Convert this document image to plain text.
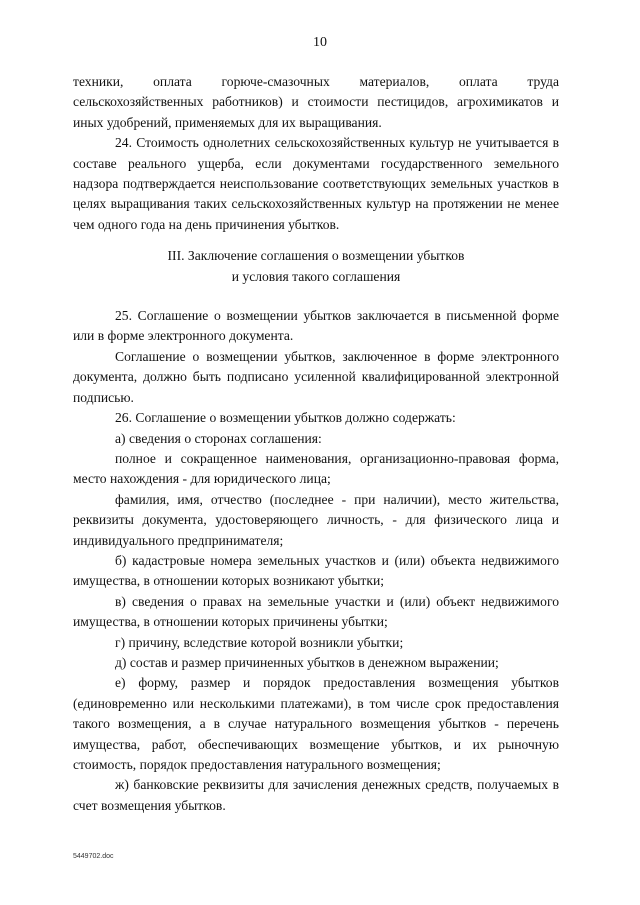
10

техники, оплата горюче-смазочных материалов, оплата труда сельскохозяйственных работников) и стоимости пестицидов, агрохимикатов и иных удобрений, применяемых для их выращивания.

24. Стоимость однолетних сельскохозяйственных культур не учитывается в составе реального ущерба, если документами государственного земельного надзора подтверждается неиспользование соответствующих земельных участков в целях выращивания таких сельскохозяйственных культур на протяжении не менее чем одного года на день причинения убытков.

III. Заключение соглашения о возмещении убытков
и условия такого соглашения

25. Соглашение о возмещении убытков заключается в письменной форме или в форме электронного документа.

Соглашение о возмещении убытков, заключенное в форме электронного документа, должно быть подписано усиленной квалифицированной электронной подписью.

26. Соглашение о возмещении убытков должно содержать:

а) сведения о сторонах соглашения:

полное и сокращенное наименования, организационно-правовая форма, место нахождения - для юридического лица;

фамилия, имя, отчество (последнее - при наличии), место жительства, реквизиты документа, удостоверяющего личность, - для физического лица и индивидуального предпринимателя;

б) кадастровые номера земельных участков и (или) объекта недвижимого имущества, в отношении которых возникают убытки;

в) сведения о правах на земельные участки и (или) объект недвижимого имущества, в отношении которых причинены убытки;

г) причину, вследствие которой возникли убытки;

д) состав и размер причиненных убытков в денежном выражении;

е) форму, размер и порядок предоставления возмещения убытков (единовременно или несколькими платежами), в том числе срок предоставления такого возмещения, а в случае натурального возмещения убытков - перечень имущества, работ, обеспечивающих возмещение убытков, и их рыночную стоимость, порядок предоставления натурального возмещения;

ж) банковские реквизиты для зачисления денежных средств, получаемых в счет возмещения убытков.

5449702.doc
